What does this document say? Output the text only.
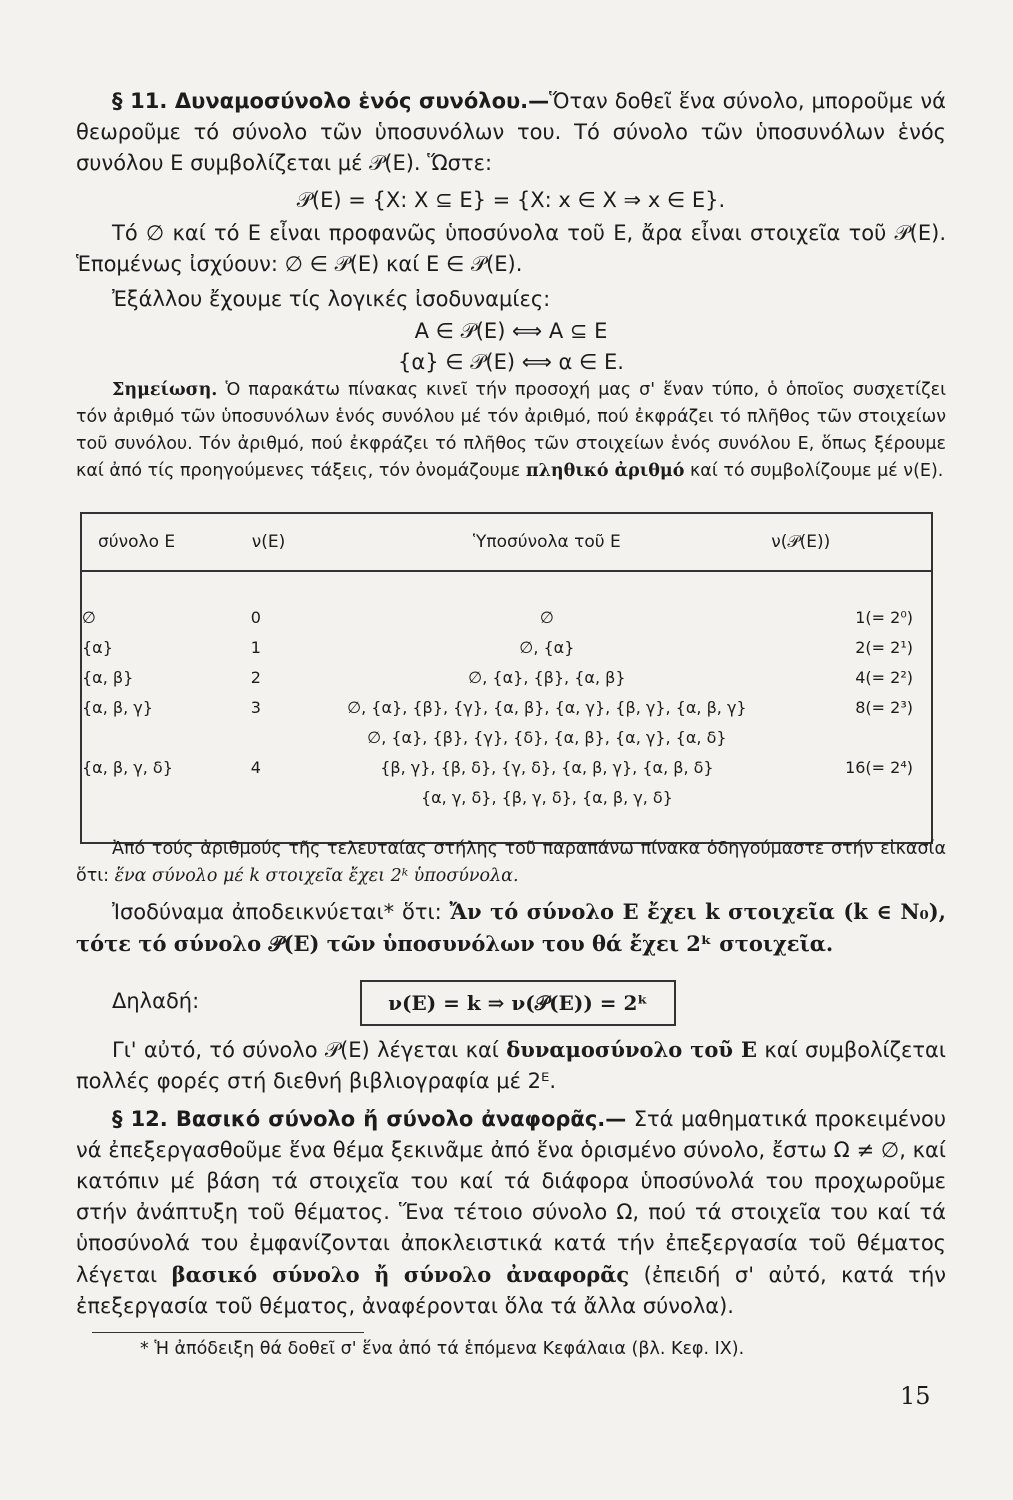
§ 11. Δυναμοσύνολο ἑνός συνόλου.—Ὅταν δοθεῖ ἕνα σύνολο, μποροῦμε νά θεωροῦμε τό σύνολο τῶν ὑποσυνόλων του. Τό σύνολο τῶν ὑποσυνόλων ἑνός συνόλου Ε συμβολίζεται μέ 𝒫(Ε). Ὥστε:

𝒫(Ε) = {Χ: Χ ⊆ Ε} = {Χ: x ∈ Χ ⇒ x ∈ Ε}.

Τό ∅ καί τό Ε εἶναι προφανῶς ὑποσύνολα τοῦ Ε, ἄρα εἶναι στοιχεῖα τοῦ 𝒫(Ε). Ἑπομένως ἰσχύουν: ∅ ∈ 𝒫(Ε) καί Ε ∈ 𝒫(Ε).

Ἐξάλλου ἔχουμε τίς λογικές ἰσοδυναμίες:

Α ∈ 𝒫(Ε) ⟺ Α ⊆ Ε
{α} ∈ 𝒫(Ε) ⟺ α ∈ Ε.

Σημείωση. Ὁ παρακάτω πίνακας κινεῖ τήν προσοχή μας σ' ἕναν τύπο, ὁ ὁποῖος συσχετίζει τόν ἀριθμό τῶν ὑποσυνόλων ἑνός συνόλου μέ τόν ἀριθμό, πού ἐκφράζει τό πλῆθος τῶν στοιχείων τοῦ συνόλου. Τόν ἀριθμό, πού ἐκφράζει τό πλῆθος τῶν στοιχείων ἑνός συνόλου Ε, ὅπως ξέρουμε καί ἀπό τίς προηγούμενες τάξεις, τόν ὀνομάζουμε πληθικό ἀριθμό καί τό συμβολίζουμε μέ ν(Ε).

σύνολο Ε	ν(Ε)	Ὑποσύνολα τοῦ Ε	ν(𝒫(Ε))

∅	0	∅	1(= 2⁰)
{α}	1	∅, {α}	2(= 2¹)
{α, β}	2	∅, {α}, {β}, {α, β}	4(= 2²)
{α, β, γ}	3	∅, {α}, {β}, {γ}, {α, β}, {α, γ}, {β, γ}, {α, β, γ}	8(= 2³)
		∅, {α}, {β}, {γ}, {δ}, {α, β}, {α, γ}, {α, δ}	
{α, β, γ, δ}	4	{β, γ}, {β, δ}, {γ, δ}, {α, β, γ}, {α, β, δ}	16(= 2⁴)
		{α, γ, δ}, {β, γ, δ}, {α, β, γ, δ}	

Ἀπό τούς ἀριθμούς τῆς τελευταίας στήλης τοῦ παραπάνω πίνακα ὁδηγούμαστε στήν εἰκασία ὅτι: ἕνα σύνολο μέ k στοιχεῖα ἔχει 2ᵏ ὑποσύνολα.

Ἰσοδύναμα ἀποδεικνύεται* ὅτι: Ἄν τό σύνολο Ε ἔχει k στοιχεῖα (k ∈ N₀), τότε τό σύνολο 𝒫(Ε) τῶν ὑποσυνόλων του θά ἔχει 2ᵏ στοιχεῖα.

Δηλαδή:	ν(Ε) = k ⇒ ν(𝒫(Ε)) = 2ᵏ

Γι' αὐτό, τό σύνολο 𝒫(Ε) λέγεται καί δυναμοσύνολο τοῦ Ε καί συμβολίζεται πολλές φορές στή διεθνή βιβλιογραφία μέ 2ᴱ.

§ 12. Βασικό σύνολο ἤ σύνολο ἀναφορᾶς.— Στά μαθηματικά προκειμένου νά ἐπεξεργασθοῦμε ἕνα θέμα ξεκινᾶμε ἀπό ἕνα ὁρισμένο σύνολο, ἔστω Ω ≠ ∅, καί κατόπιν μέ βάση τά στοιχεῖα του καί τά διάφορα ὑποσύνολά του προχωροῦμε στήν ἀνάπτυξη τοῦ θέματος. Ἕνα τέτοιο σύνολο Ω, πού τά στοιχεῖα του καί τά ὑποσύνολά του ἐμφανίζονται ἀποκλειστικά κατά τήν ἐπεξεργασία τοῦ θέματος λέγεται βασικό σύνολο ἤ σύνολο ἀναφορᾶς (ἐπειδή σ' αὐτό, κατά τήν ἐπεξεργασία τοῦ θέματος, ἀναφέρονται ὅλα τά ἄλλα σύνολα).

* Ἡ ἀπόδειξη θά δοθεῖ σ' ἕνα ἀπό τά ἑπόμενα Κεφάλαια (βλ. Κεφ. IX).

15
